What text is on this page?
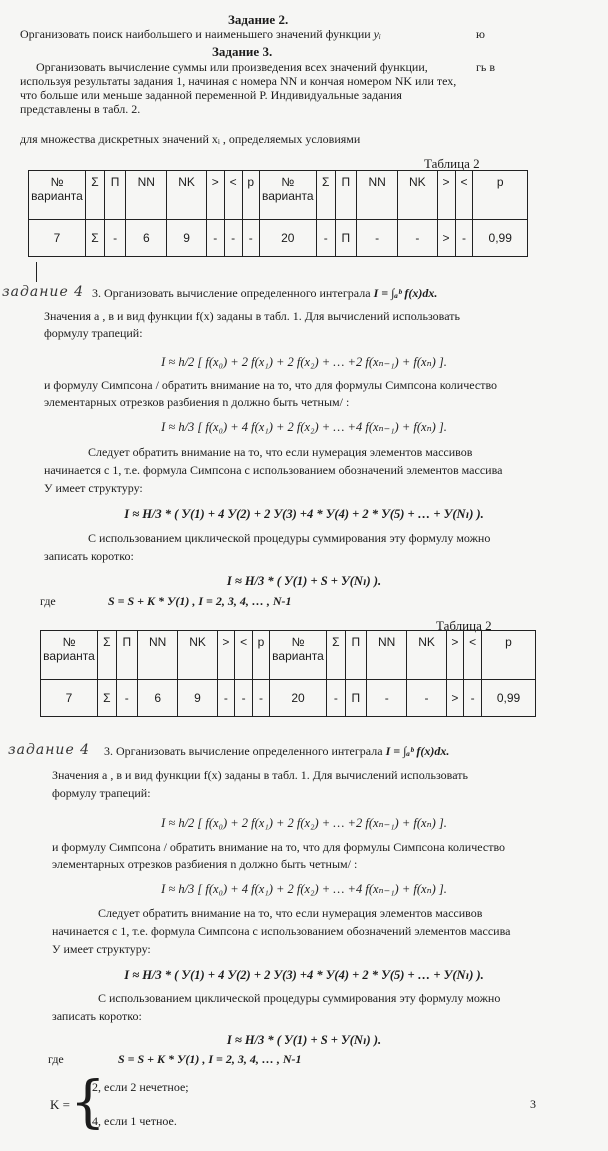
Задание 2.
Организовать поиск наибольшего и наименьшего значений функции yᵢ	ю
Задание 3.
Организовать вычисление суммы или произведения всех значений функции,	гь в
используя результаты задания 1, начиная с номера NN и кончая номером NK или тех,
что больше или меньше заданной переменной P. Индивидуальные задания
представлены в табл. 2.
для множества дискретных значений xᵢ , определяемых условиями
Таблица 2
№ варианта	Σ	П	NN	NK	>	<	p	№ варианта	Σ	П	NN	NK	>	<	p
7	Σ	-	6	9	-	-	-	20	-	П	-	-	>	-	0,99
задание 4 3. Организовать вычисление определенного интеграла I = ∫ₐᵇ f(x)dx.
Значения a , в и вид функции f(x) заданы в табл. 1. Для вычислений использовать
формулу трапеций:
I ≈ h/2 [ f(x₀) + 2 f(x₁) + 2 f(x₂) + … +2 f(xₙ₋₁) + f(xₙ) ].
и формулу Симпсона / обратить внимание на то, что для формулы Симпсона количество
элементарных отрезков разбиения n должно быть четным/ :
I ≈ h/3 [ f(x₀) + 4 f(x₁) + 2 f(x₂) + … +4 f(xₙ₋₁) + f(xₙ) ].
Следует обратить внимание на то, что если нумерация элементов массивов
начинается с 1, т.е. формула Симпсона с использованием обозначений элементов массива
У имеет структуру:
I ≈ H/3 * ( У(1) + 4 У(2) + 2 У(3) +4 * У(4) + 2 * У(5) + … + У(Nₗ) ).
С использованием циклической процедуры суммирования эту формулу можно
записать коротко:
I ≈ H/3 * ( У(1) + S + У(Nₗ) ).
где	S = S + K * У(1) , I = 2, 3, 4, … , N-1
Таблица 2
№ варианта	Σ	П	NN	NK	>	<	p	№ варианта	Σ	П	NN	NK	>	<	p
7	Σ	-	6	9	-	-	-	20	-	П	-	-	>	-	0,99
задание 4 3. Организовать вычисление определенного интеграла I = ∫ₐᵇ f(x)dx.
Значения a , в и вид функции f(x) заданы в табл. 1. Для вычислений использовать
формулу трапеций:
I ≈ h/2 [ f(x₀) + 2 f(x₁) + 2 f(x₂) + … +2 f(xₙ₋₁) + f(xₙ) ].
и формулу Симпсона / обратить внимание на то, что для формулы Симпсона количество
элементарных отрезков разбиения n должно быть четным/ :
I ≈ h/3 [ f(x₀) + 4 f(x₁) + 2 f(x₂) + … +4 f(xₙ₋₁) + f(xₙ) ].
Следует обратить внимание на то, что если нумерация элементов массивов
начинается с 1, т.е. формула Симпсона с использованием обозначений элементов массива
У имеет структуру:
I ≈ H/3 * ( У(1) + 4 У(2) + 2 У(3) +4 * У(4) + 2 * У(5) + … + У(Nₗ) ).
С использованием циклической процедуры суммирования эту формулу можно
записать коротко:
I ≈ H/3 * ( У(1) + S + У(Nₗ) ).
где	S = S + K * У(1) , I = 2, 3, 4, … , N-1
K = {
2, если 2 нечетное;
4, если 1 четное.
3
